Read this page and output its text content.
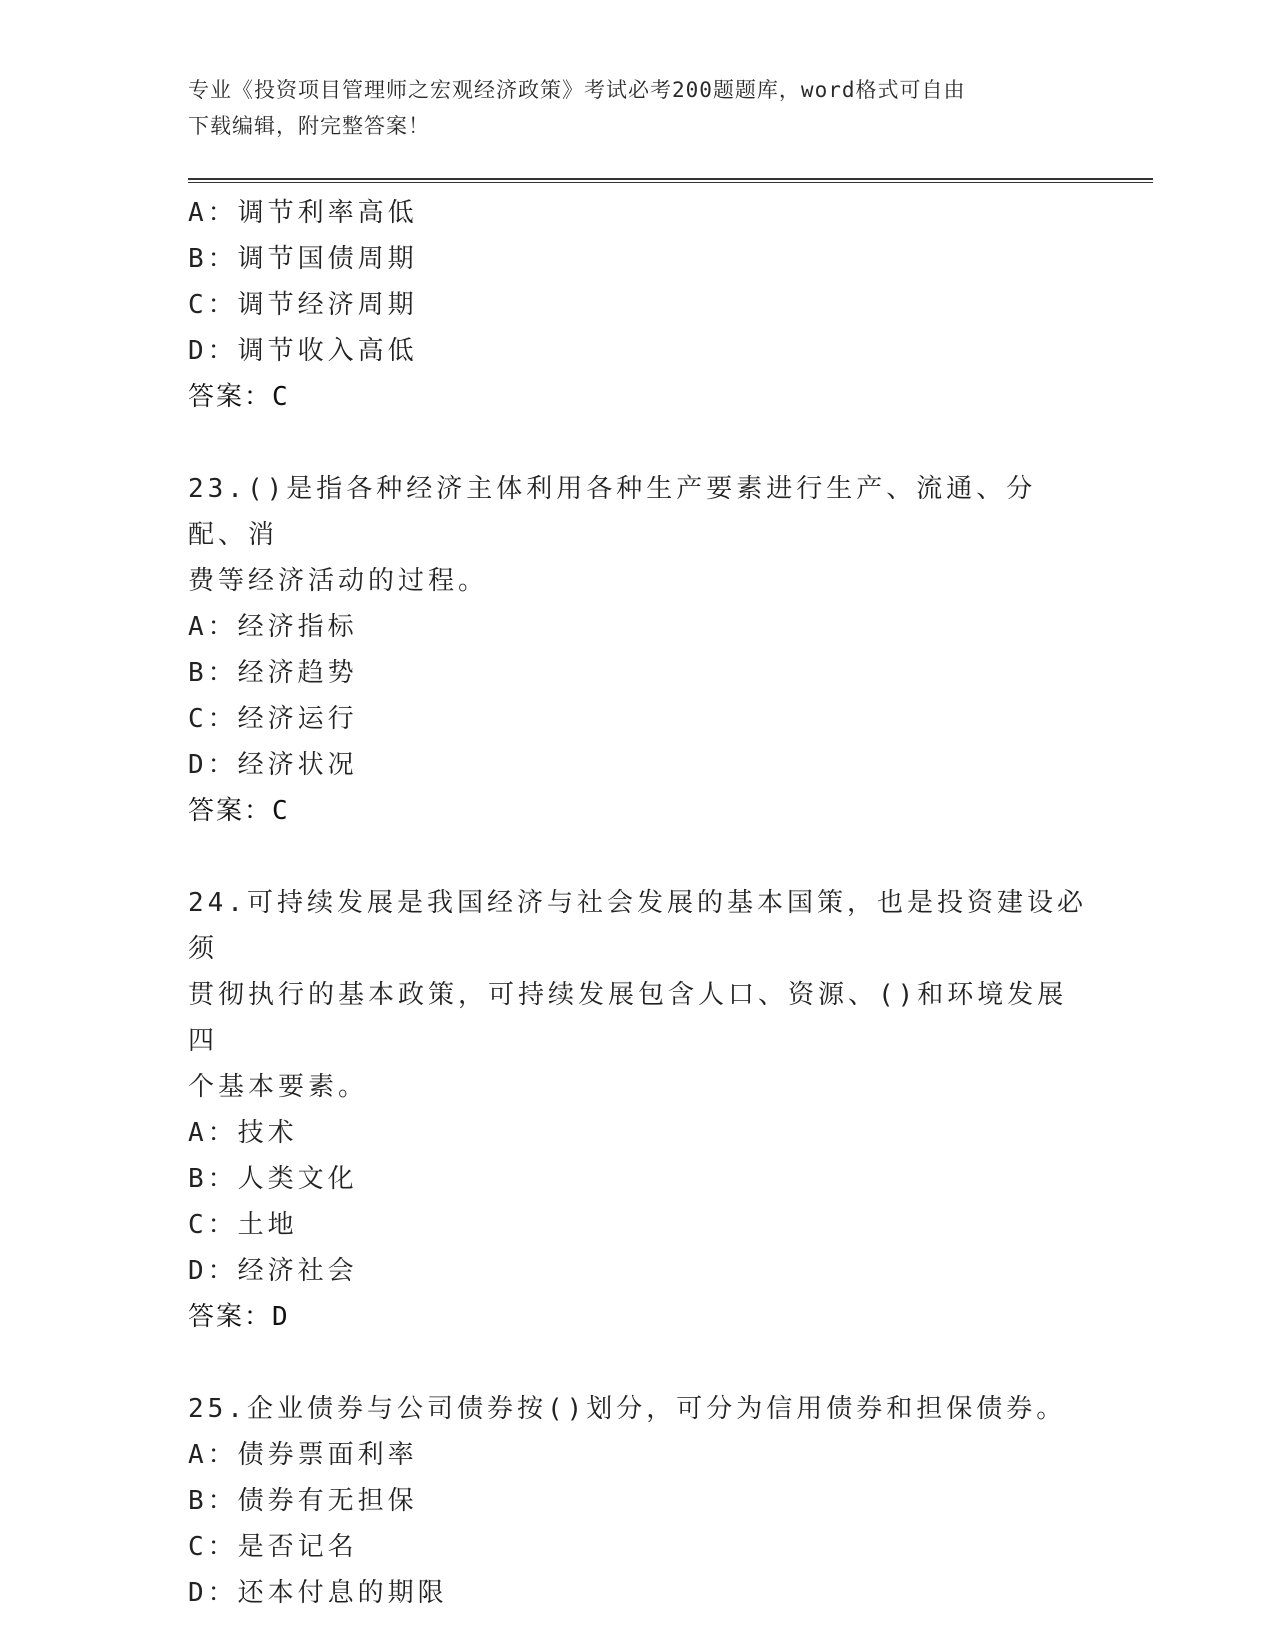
专业《投资项目管理师之宏观经济政策》考试必考200题题库，word格式可自由
下载编辑，附完整答案！
A：调节利率高低
B：调节国债周期
C：调节经济周期
D：调节收入高低
答案：C
23.()是指各种经济主体利用各种生产要素进行生产、流通、分配、消
费等经济活动的过程。
A：经济指标
B：经济趋势
C：经济运行
D：经济状况
答案：C
24.可持续发展是我国经济与社会发展的基本国策，也是投资建设必须
贯彻执行的基本政策，可持续发展包含人口、资源、()和环境发展四
个基本要素。
A：技术
B：人类文化
C：土地
D：经济社会
答案：D
25.企业债券与公司债券按()划分，可分为信用债券和担保债券。
A：债券票面利率
B：债券有无担保
C：是否记名
D：还本付息的期限
